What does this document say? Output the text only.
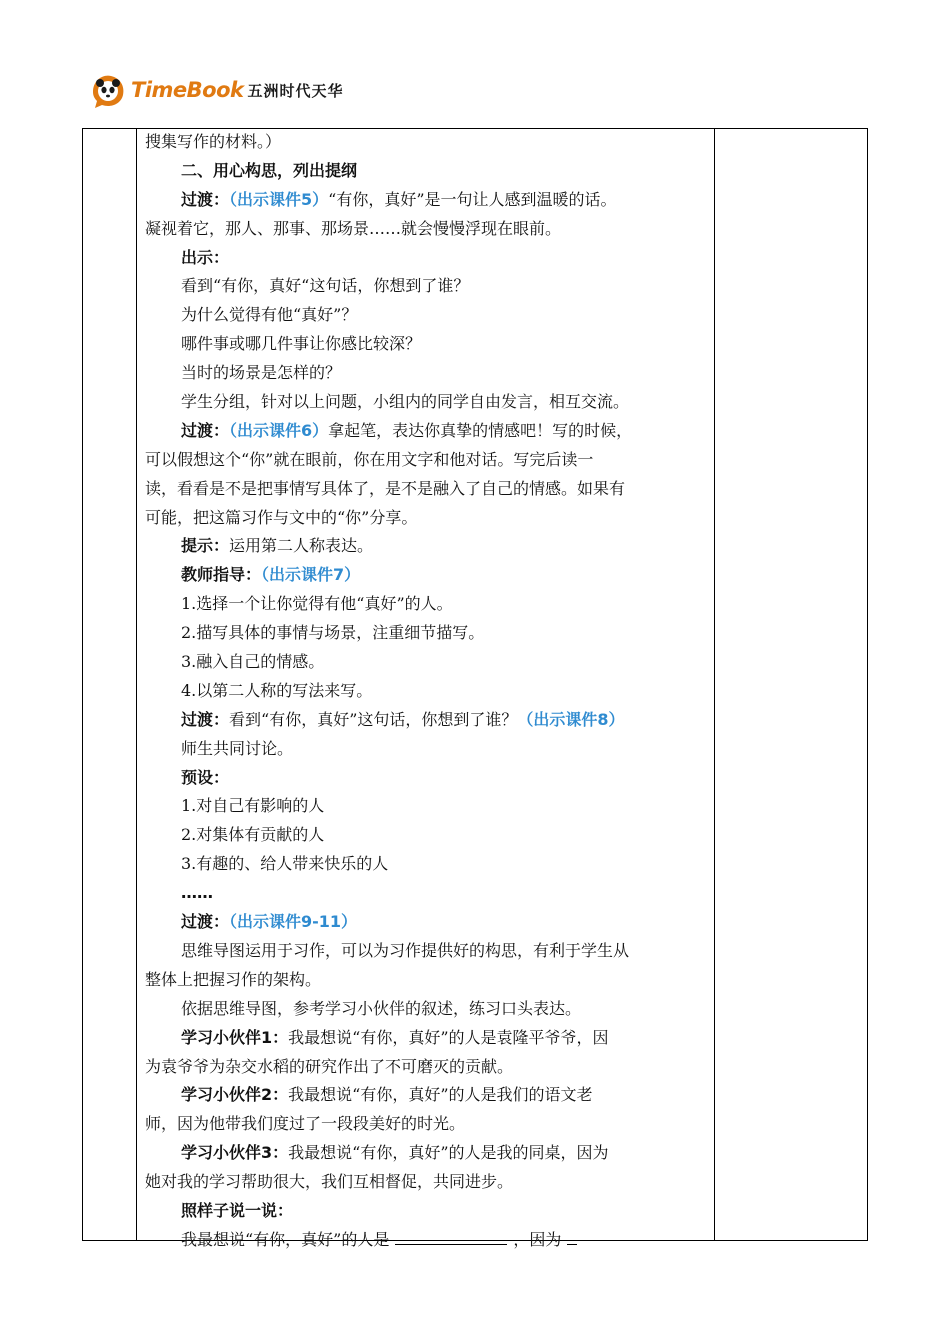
TimeBook 五洲时代天华
搜集写作的材料。）
二、用心构思，列出提纲
过渡：（出示课件5）“有你，真好”是一句让人感到温暖的话。
凝视着它，那人、那事、那场景……就会慢慢浮现在眼前。
出示：
看到“有你，真好“这句话，你想到了谁？
为什么觉得有他“真好”？
哪件事或哪几件事让你感比较深？
当时的场景是怎样的？
学生分组，针对以上问题，小组内的同学自由发言，相互交流。
过渡：（出示课件6）拿起笔，表达你真挚的情感吧！写的时候，
可以假想这个“你”就在眼前，你在用文字和他对话。写完后读一
读，看看是不是把事情写具体了，是不是融入了自己的情感。如果有
可能，把这篇习作与文中的“你”分享。
提示：运用第二人称表达。
教师指导：（出示课件7）
1.选择一个让你觉得有他“真好”的人。
2.描写具体的事情与场景，注重细节描写。
3.融入自己的情感。
4.以第二人称的写法来写。
过渡：看到“有你，真好”这句话，你想到了谁？（出示课件8）
师生共同讨论。
预设：
1.对自己有影响的人
2.对集体有贡献的人
3.有趣的、给人带来快乐的人
……
过渡：（出示课件9-11）
思维导图运用于习作，可以为习作提供好的构思，有利于学生从
整体上把握习作的架构。
依据思维导图，参考学习小伙伴的叙述，练习口头表达。
学习小伙伴1：我最想说“有你，真好”的人是袁隆平爷爷，因
为袁爷爷为杂交水稻的研究作出了不可磨灭的贡献。
学习小伙伴2：我最想说“有你，真好”的人是我们的语文老
师，因为他带我们度过了一段段美好的时光。
学习小伙伴3：我最想说“有你，真好”的人是我的同桌，因为
她对我的学习帮助很大，我们互相督促，共同进步。
照样子说一说：
我最想说“有你，真好”的人是	，因为
